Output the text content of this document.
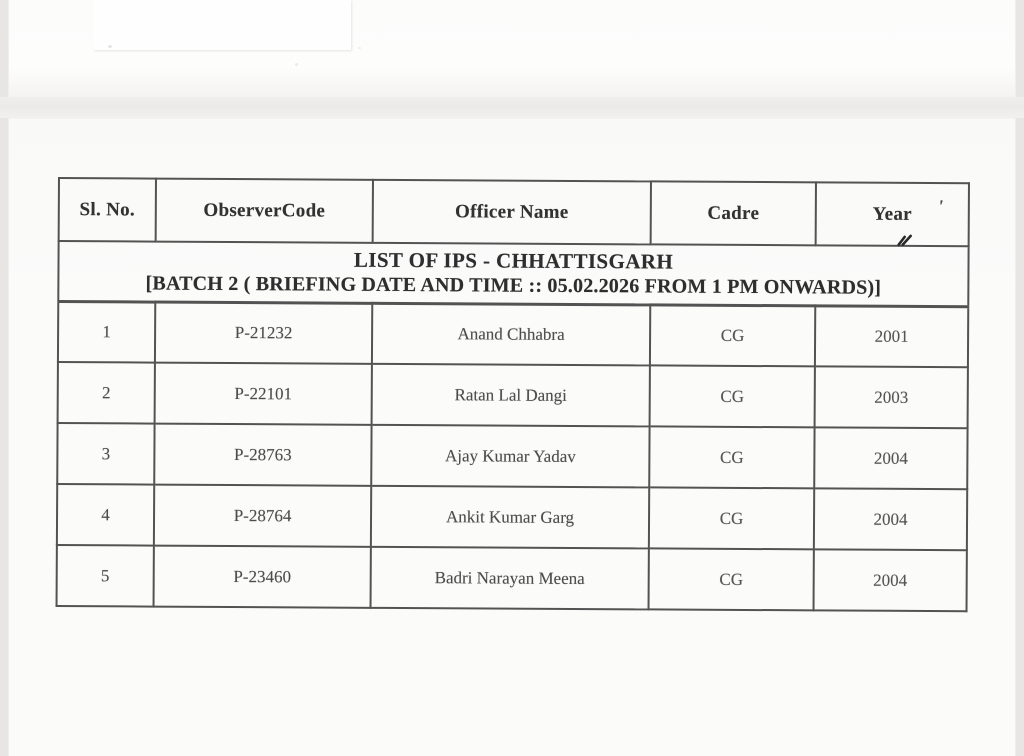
Sl. No.	ObserverCode	Officer Name	Cadre	Year

LIST OF IPS - CHHATTISGARH
[BATCH 2 ( BRIEFING DATE AND TIME :: 05.02.2026 FROM 1 PM ONWARDS)]				

1	P-21232	Anand Chhabra	CG	2001
2	P-22101	Ratan Lal Dangi	CG	2003
3	P-28763	Ajay Kumar Yadav	CG	2004
4	P-28764	Ankit Kumar Garg	CG	2004
5	P-23460	Badri Narayan Meena	CG	2004
'
